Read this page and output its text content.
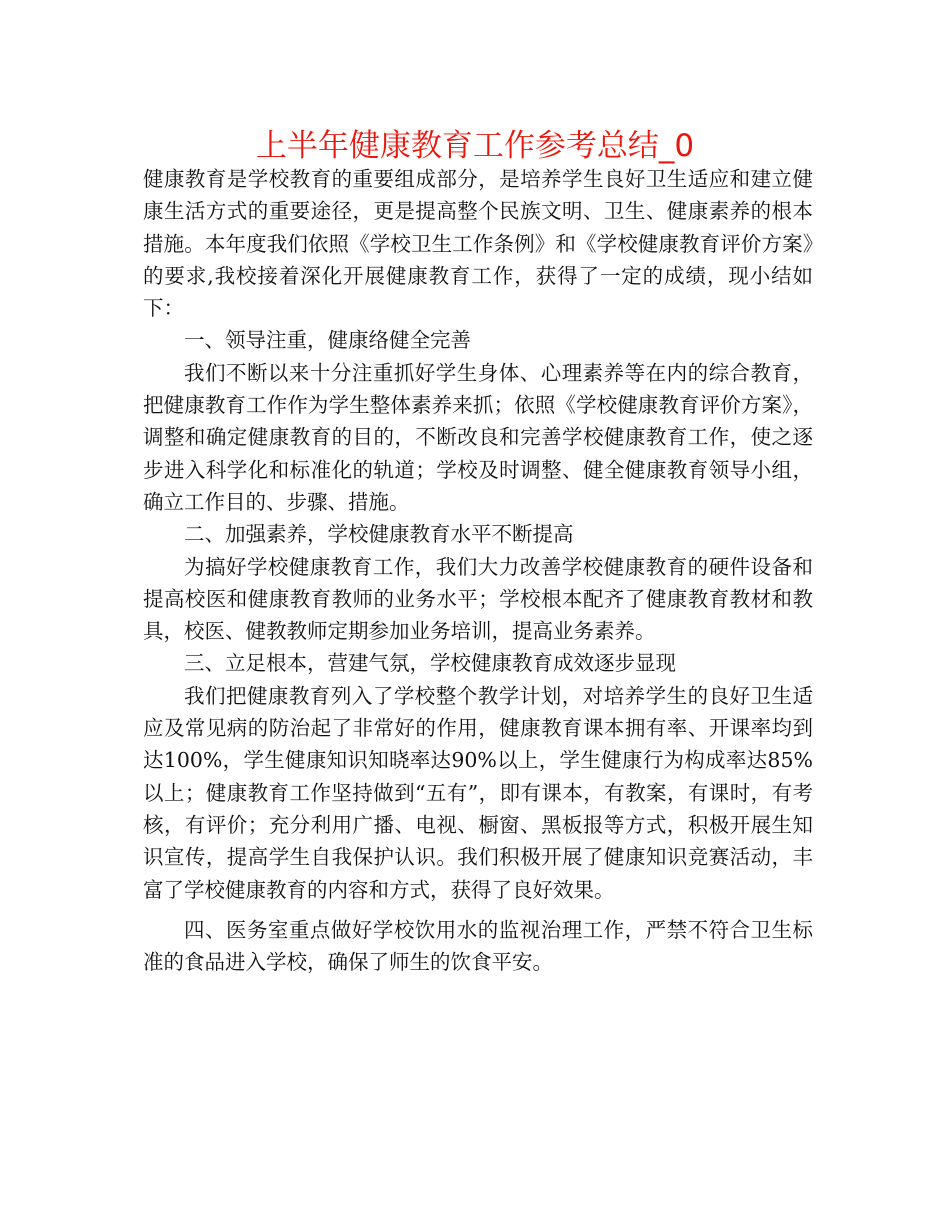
上半年健康教育工作参考总结_0

健康教育是学校教育的重要组成部分，是培养学生良好卫生适应和建立健康生活方式的重要途径，更是提高整个民族文明、卫生、健康素养的根本措施。本年度我们依照《学校卫生工作条例》和《学校健康教育评价方案》的要求,我校接着深化开展健康教育工作，获得了一定的成绩，现小结如下：

一、领导注重，健康络健全完善

我们不断以来十分注重抓好学生身体、心理素养等在内的综合教育，把健康教育工作作为学生整体素养来抓；依照《学校健康教育评价方案》，调整和确定健康教育的目的，不断改良和完善学校健康教育工作，使之逐步进入科学化和标准化的轨道；学校及时调整、健全健康教育领导小组，确立工作目的、步骤、措施。

二、加强素养，学校健康教育水平不断提高

为搞好学校健康教育工作，我们大力改善学校健康教育的硬件设备和提高校医和健康教育教师的业务水平；学校根本配齐了健康教育教材和教具，校医、健教教师定期参加业务培训，提高业务素养。

三、立足根本，营建气氛，学校健康教育成效逐步显现

我们把健康教育列入了学校整个教学计划，对培养学生的良好卫生适应及常见病的防治起了非常好的作用，健康教育课本拥有率、开课率均到达100%，学生健康知识知晓率达90%以上，学生健康行为构成率达85%以上；健康教育工作坚持做到“五有”，即有课本，有教案，有课时，有考核，有评价；充分利用广播、电视、橱窗、黑板报等方式，积极开展生知识宣传，提高学生自我保护认识。我们积极开展了健康知识竞赛活动，丰富了学校健康教育的内容和方式，获得了良好效果。

四、医务室重点做好学校饮用水的监视治理工作，严禁不符合卫生标准的食品进入学校，确保了师生的饮食平安。
